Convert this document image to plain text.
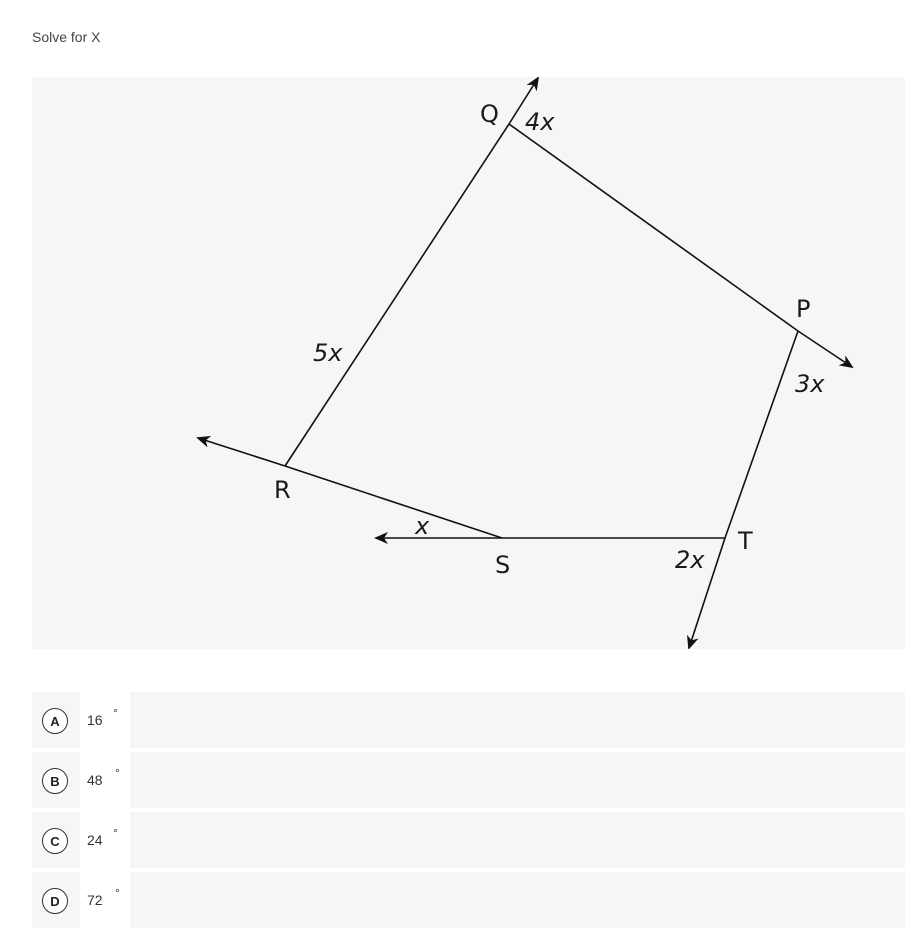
Solve for X
Q
P
R
S
T
4x
3x
2x
x
5x
A	16 °
B	48 °
C	24 °
D	72 °
